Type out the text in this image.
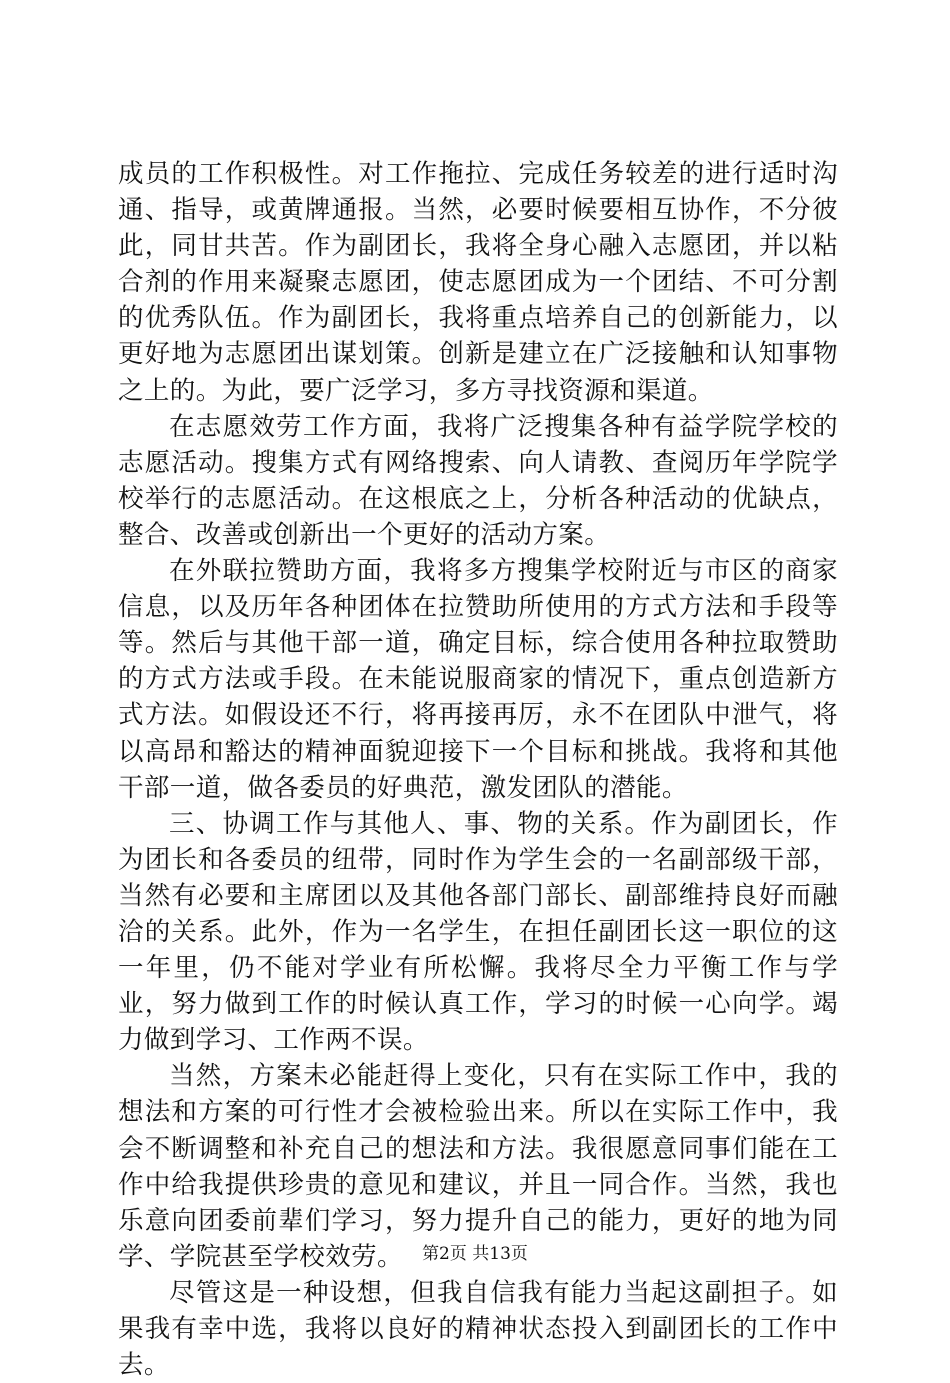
成员的工作积极性。对工作拖拉、完成任务较差的进行适时沟通、指导，或黄牌通报。当然，必要时候要相互协作，不分彼此，同甘共苦。作为副团长，我将全身心融入志愿团，并以粘合剂的作用来凝聚志愿团，使志愿团成为一个团结、不可分割的优秀队伍。作为副团长，我将重点培养自己的创新能力，以更好地为志愿团出谋划策。创新是建立在广泛接触和认知事物之上的。为此，要广泛学习，多方寻找资源和渠道。

在志愿效劳工作方面，我将广泛搜集各种有益学院学校的志愿活动。搜集方式有网络搜索、向人请教、查阅历年学院学校举行的志愿活动。在这根底之上，分析各种活动的优缺点，整合、改善或创新出一个更好的活动方案。

在外联拉赞助方面，我将多方搜集学校附近与市区的商家信息，以及历年各种团体在拉赞助所使用的方式方法和手段等等。然后与其他干部一道，确定目标，综合使用各种拉取赞助的方式方法或手段。在未能说服商家的情况下，重点创造新方式方法。如假设还不行，将再接再厉，永不在团队中泄气，将以高昂和豁达的精神面貌迎接下一个目标和挑战。我将和其他干部一道，做各委员的好典范，激发团队的潜能。

三、协调工作与其他人、事、物的关系。作为副团长，作为团长和各委员的纽带，同时作为学生会的一名副部级干部，当然有必要和主席团以及其他各部门部长、副部维持良好而融洽的关系。此外，作为一名学生，在担任副团长这一职位的这一年里，仍不能对学业有所松懈。我将尽全力平衡工作与学业，努力做到工作的时候认真工作，学习的时候一心向学。竭力做到学习、工作两不误。

当然，方案未必能赶得上变化，只有在实际工作中，我的想法和方案的可行性才会被检验出来。所以在实际工作中，我会不断调整和补充自己的想法和方法。我很愿意同事们能在工作中给我提供珍贵的意见和建议，并且一同合作。当然，我也乐意向团委前辈们学习，努力提升自己的能力，更好的地为同学、学院甚至学校效劳。

尽管这是一种设想，但我自信我有能力当起这副担子。如果我有幸中选，我将以良好的精神状态投入到副团长的工作中去。

第2页 共13页
